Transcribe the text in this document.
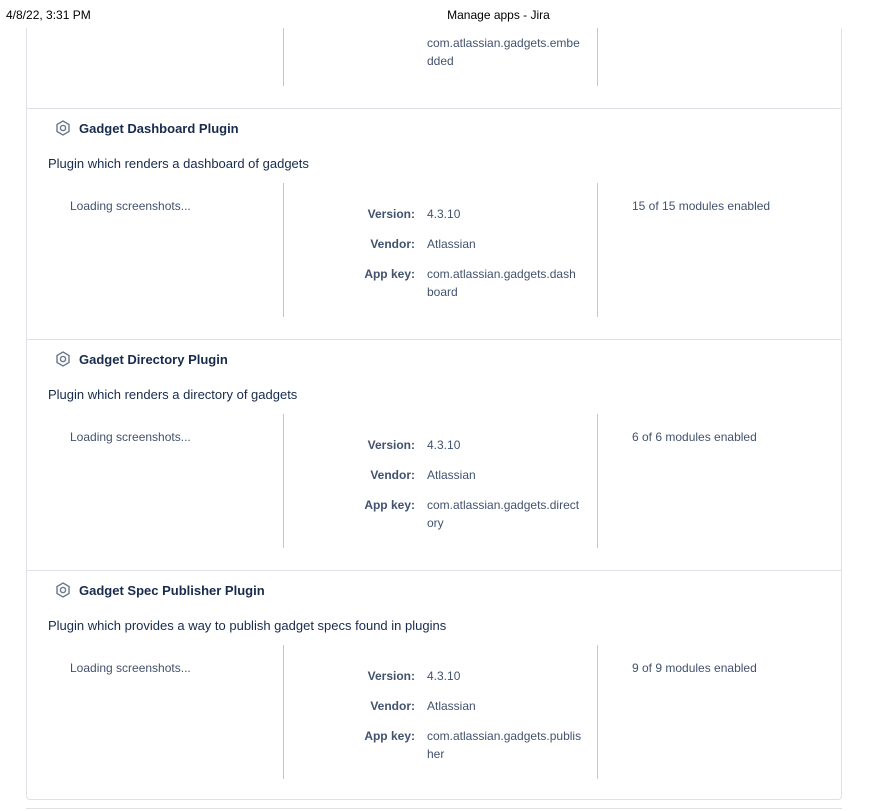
4/8/22, 3:31 PM	Manage apps - Jira
com.atlassian.gadgets.embedded
Gadget Dashboard Plugin
Plugin which renders a dashboard of gadgets
Loading screenshots...
Version: 4.3.10
Vendor: Atlassian
App key: com.atlassian.gadgets.dashboard
15 of 15 modules enabled
Gadget Directory Plugin
Plugin which renders a directory of gadgets
Loading screenshots...
Version: 4.3.10
Vendor: Atlassian
App key: com.atlassian.gadgets.directory
6 of 6 modules enabled
Gadget Spec Publisher Plugin
Plugin which provides a way to publish gadget specs found in plugins
Loading screenshots...
Version: 4.3.10
Vendor: Atlassian
App key: com.atlassian.gadgets.publisher
9 of 9 modules enabled
